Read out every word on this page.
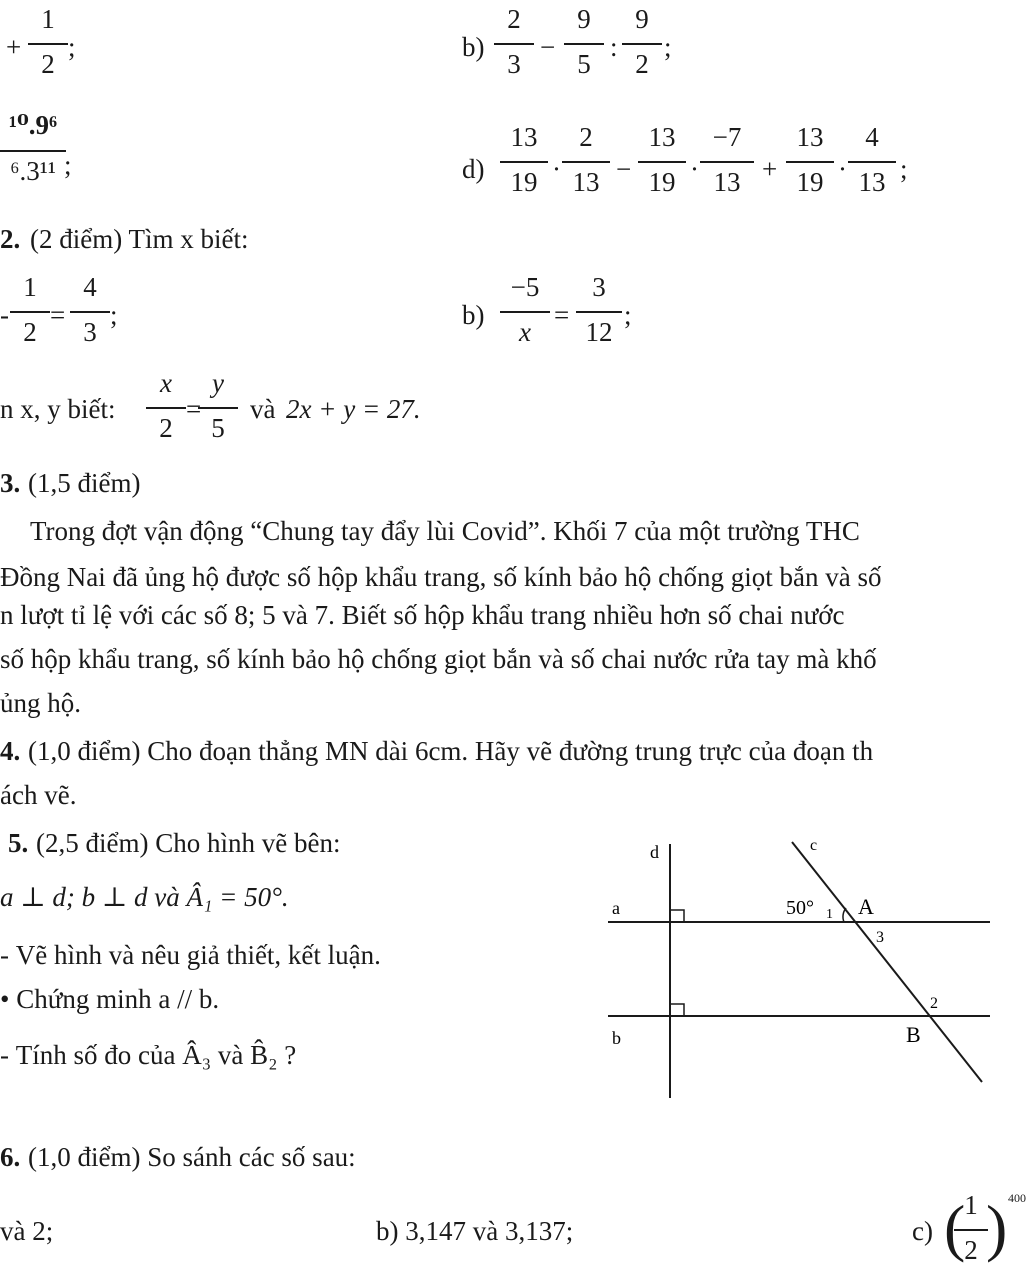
+
1
2
;	b)
2
3
−
9
5
:
9
2
;
¹⁰.9⁶
⁶.3¹¹ ;	d)
13
19 ·
2
13 −
13
19 ·
−7
13 +
13
19 ·
4
13 ;
2. (2 điểm) Tìm x biết:
-
1
2
=
4
3
;	b)
−5
x
=
3
12
;
n x, y biết:
x
2
=
y
5
và 2x + y = 27.
3. (1,5 điểm)
Trong đợt vận động “Chung tay đẩy lùi Covid”. Khối 7 của một trường THC
Đồng Nai đã ủng hộ được số hộp khẩu trang, số kính bảo hộ chống giọt bắn và số
n lượt tỉ lệ với các số 8; 5 và 7. Biết số hộp khẩu trang nhiều hơn số chai nước
số hộp khẩu trang, số kính bảo hộ chống giọt bắn và số chai nước rửa tay mà khố
ủng hộ.
4. (1,0 điểm) Cho đoạn thẳng MN dài 6cm. Hãy vẽ đường trung trực của đoạn th
ách vẽ.
5. (2,5 điểm) Cho hình vẽ bên:
a ⊥ d; b ⊥ d và Â₁ = 50°.
- Vẽ hình và nêu giả thiết, kết luận.
• Chứng minh a // b.
- Tính số đo của Â₃ và B̂₂ ?
d	c
a
b
50° 1 A
3
2
B
6. (1,0 điểm) So sánh các số sau:
và 2;	b) 3,147 và 3,137;	c) (
1
2 ) 400
